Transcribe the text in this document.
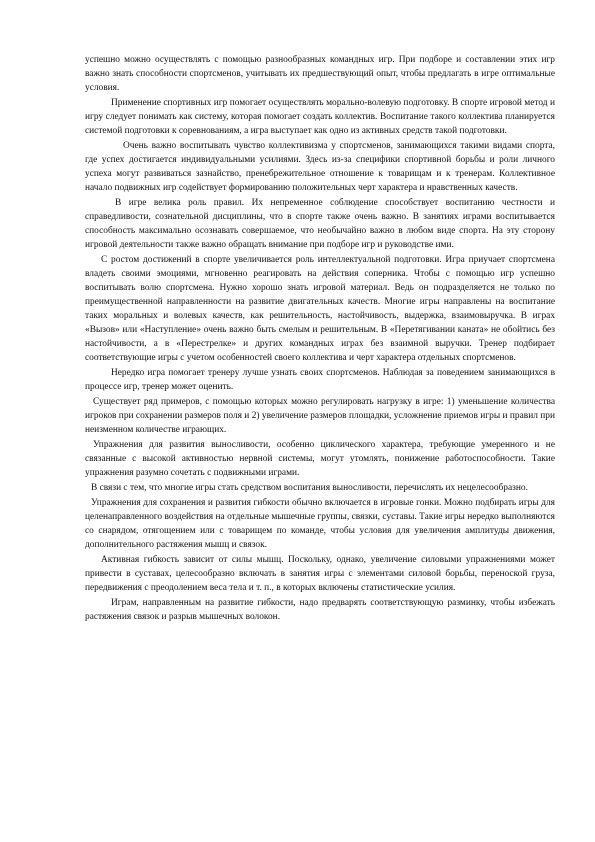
успешно можно осуществлять с помощью разнообразных командных игр. При подборе и составлении этих игр важно знать способности спортсменов, учитывать их предшествующий опыт, чтобы предлагать в игре оптимальные условия.

Применение спортивных игр помогает осуществлять морально-волевую подготовку. В спорте игровой метод и игру следует понимать как систему, которая помогает создать коллектив. Воспитание такого коллектива планируется системой подготовки к соревнованиям, а игра выступает как одно из активных средств такой подготовки.

Очень важно воспитывать чувство коллективизма у спортсменов, занимающихся такими видами спорта, где успех достигается индивидуальными усилиями. Здесь из-за специфики спортивной борьбы и роли личного успеха могут развиваться зазнайство, пренебрежительное отношение к товарищам и к тренерам. Коллективное начало подвижных игр содействует формированию положительных черт характера и нравственных качеств.

В игре велика роль правил. Их непременное соблюдение способствует воспитанию честности и справедливости, сознательной дисциплины, что в спорте также очень важно. В занятиях играми воспитывается способность максимально осознавать совершаемое, что необычайно важно в любом виде спорта. На эту сторону игровой деятельности также важно обращать внимание при подборе игр и руководстве ими.

С ростом достижений в спорте увеличивается роль интеллектуальной подготовки. Игра приучает спортсмена владеть своими эмоциями, мгновенно реагировать на действия соперника. Чтобы с помощью игр успешно воспитывать волю спортсмена. Нужно хорошо знать игровой материал. Ведь он подразделяется не только по преимущественной направленности на развитие двигательных качеств. Многие игры направлены на воспитание таких моральных и волевых качеств, как решительность, настойчивость, выдержка, взаимовыручка. В играх «Вызов» или «Наступление» очень важно быть смелым и решительным. В «Перетягивании каната» не обойтись без настойчивости, а в «Перестрелке» и других командных играх без взаимной выручки. Тренер подбирает соответствующие игры с учетом особенностей своего коллектива и черт характера отдельных спортсменов.

Нередко игра помогает тренеру лучше узнать своих спортсменов. Наблюдая за поведением занимающихся в процессе игр, тренер может оценить.

Существует ряд примеров, с помощью которых можно регулировать нагрузку в игре: 1) уменьшение количества игроков при сохранении размеров поля и 2) увеличение размеров площадки, усложнение приемов игры и правил при неизменном количестве играющих.

Упражнения для развития выносливости, особенно циклического характера, требующие умеренного и не связанные с высокой активностью нервной системы, могут утомлять, понижение работоспособности. Такие упражнения разумно сочетать с подвижными играми.

В связи с тем, что многие игры стать средством воспитания выносливости, перечислять их нецелесообразно.

Упражнения для сохранения и развития гибкости обычно включается в игровые гонки. Можно подбирать игры для целенаправленного воздействия на отдельные мышечные группы, связки, суставы. Такие игры нередко выполняются со снарядом, отягощением или с товарищем по команде, чтобы условия для увеличения амплитуды движения, дополнительного растяжения мышц и связок.

Активная гибкость зависит от силы мышц. Поскольку, однако, увеличение силовыми упражнениями может привести в суставах, целесообразно включать в занятия игры с элементами силовой борьбы, переноской груза, передвижения с преодолением веса тела и т. п., в которых включены статистические усилия.

Играм, направленным на развитие гибкости, надо предварять соответствующую разминку, чтобы избежать растяжения связок и разрыв мышечных волокон.
